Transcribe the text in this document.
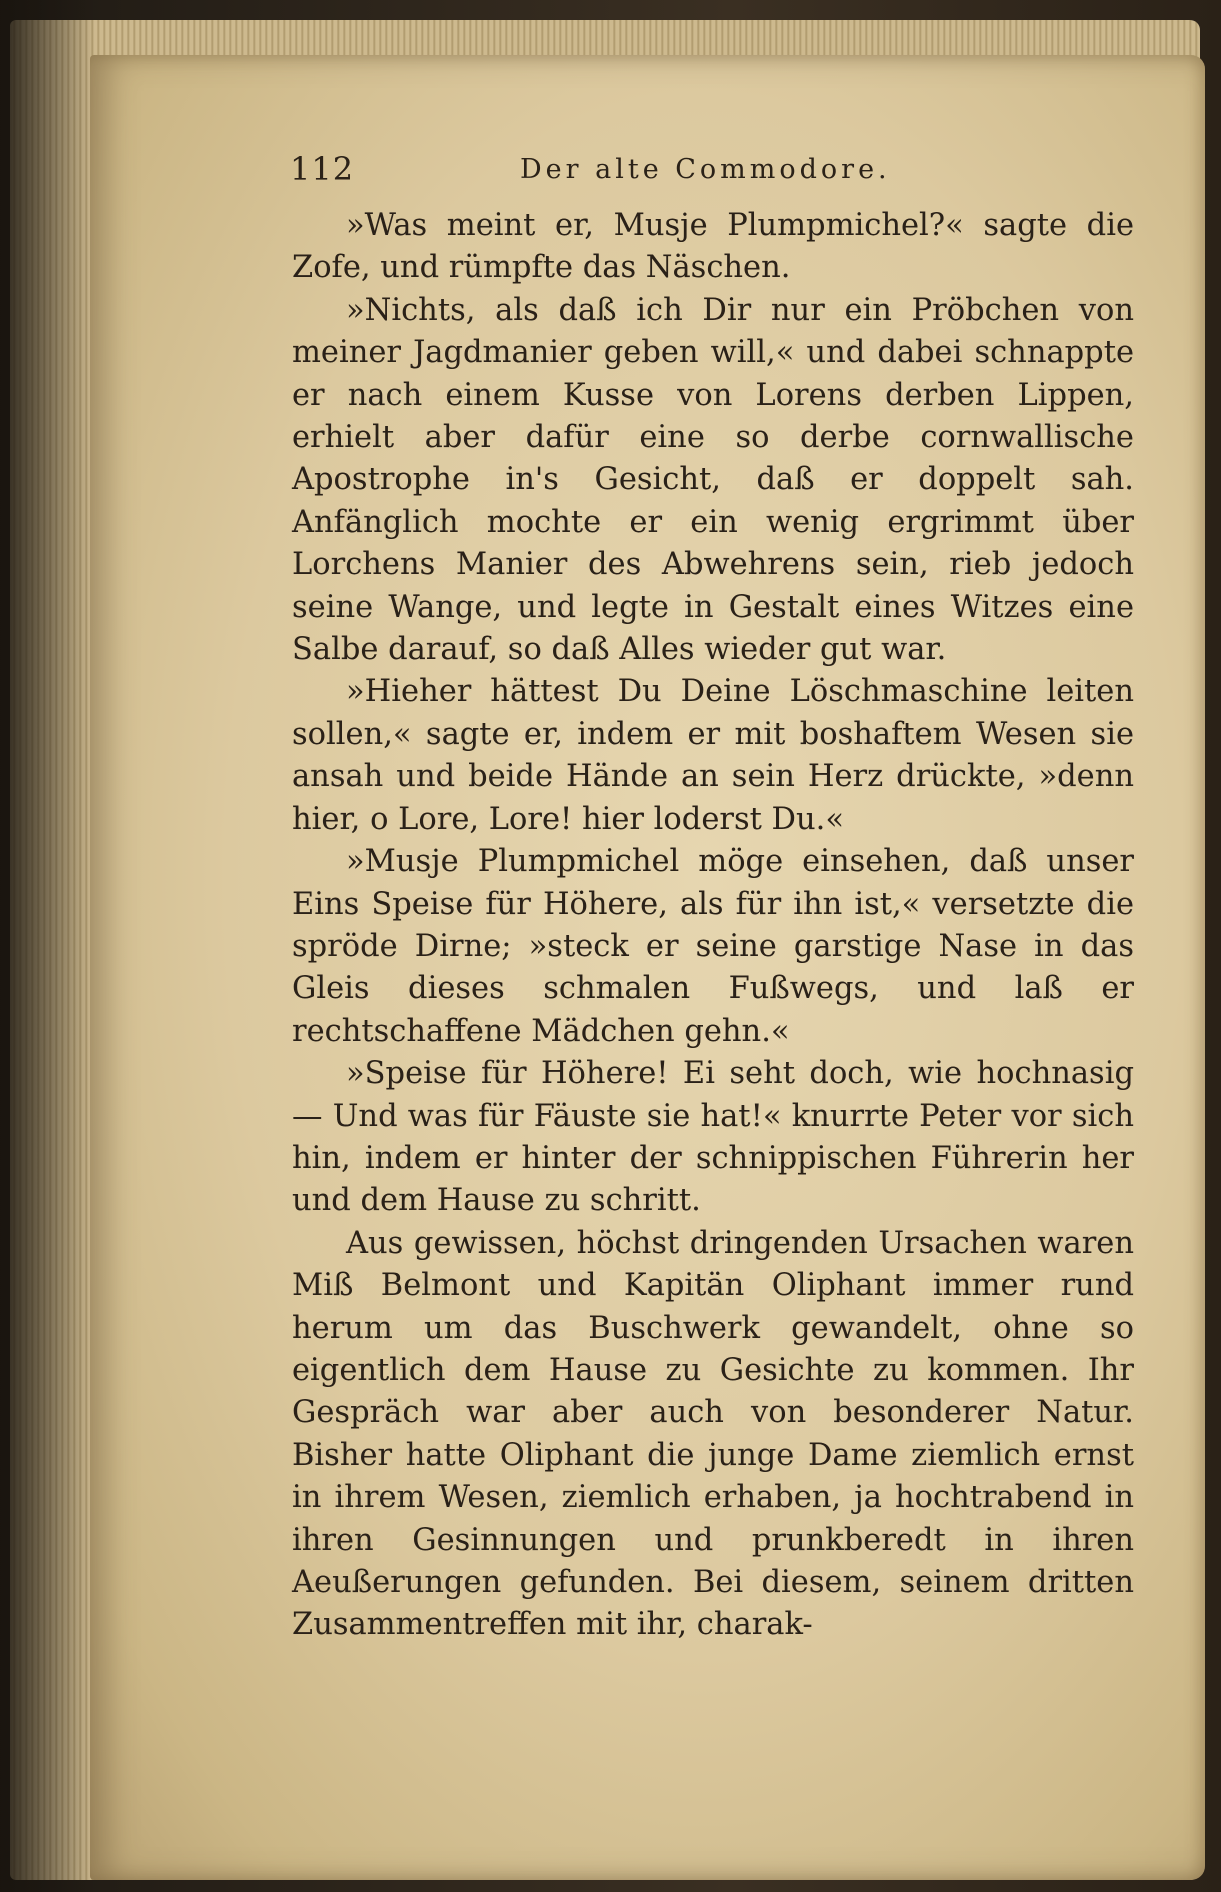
112	Der alte Commodore.

»Was meint er, Musje Plumpmichel?« sagte die Zofe, und rümpfte das Näschen.

»Nichts, als daß ich Dir nur ein Pröbchen von meiner Jagdmanier geben will,« und dabei schnappte er nach einem Kusse von Lorens derben Lippen, erhielt aber dafür eine so derbe cornwallische Apostrophe in's Gesicht, daß er doppelt sah. Anfänglich mochte er ein wenig ergrimmt über Lorchens Manier des Abwehrens sein, rieb jedoch seine Wange, und legte in Gestalt eines Witzes eine Salbe darauf, so daß Alles wieder gut war.

»Hieher hättest Du Deine Löschmaschine leiten sollen,« sagte er, indem er mit boshaftem Wesen sie ansah und beide Hände an sein Herz drückte, »denn hier, o Lore, Lore! hier loderst Du.«

»Musje Plumpmichel möge einsehen, daß unser Eins Speise für Höhere, als für ihn ist,« versetzte die spröde Dirne; »steck er seine garstige Nase in das Gleis dieses schmalen Fußwegs, und laß er rechtschaffene Mädchen gehn.«

»Speise für Höhere! Ei seht doch, wie hochnasig — Und was für Fäuste sie hat!« knurrte Peter vor sich hin, indem er hinter der schnippischen Führerin her und dem Hause zu schritt.

Aus gewissen, höchst dringenden Ursachen waren Miß Belmont und Kapitän Oliphant immer rund herum um das Buschwerk gewandelt, ohne so eigentlich dem Hause zu Gesichte zu kommen. Ihr Gespräch war aber auch von besonderer Natur. Bisher hatte Oliphant die junge Dame ziemlich ernst in ihrem Wesen, ziemlich erhaben, ja hochtrabend in ihren Gesinnungen und prunkberedt in ihren Aeußerungen gefunden. Bei diesem, seinem dritten Zusammentreffen mit ihr, charak-
